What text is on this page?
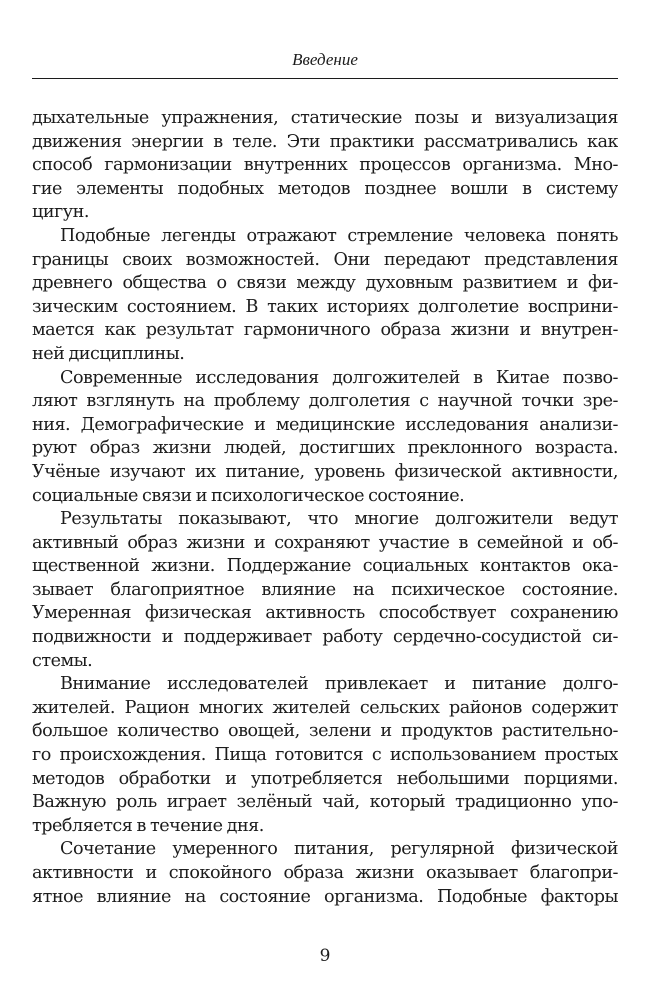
Введение
дыхательные упражнения, статические позы и визуализация
движения энергии в теле. Эти практики рассматривались как
способ гармонизации внутренних процессов организма. Мно-
гие элементы подобных методов позднее вошли в систему
цигун.
Подобные легенды отражают стремление человека понять
границы своих возможностей. Они передают представления
древнего общества о связи между духовным развитием и фи-
зическим состоянием. В таких историях долголетие восприни-
мается как результат гармоничного образа жизни и внутрен-
ней дисциплины.
Современные исследования долгожителей в Китае позво-
ляют взглянуть на проблему долголетия с научной точки зре-
ния. Демографические и медицинские исследования анализи-
руют образ жизни людей, достигших преклонного возраста.
Учёные изучают их питание, уровень физической активности,
социальные связи и психологическое состояние.
Результаты показывают, что многие долгожители ведут
активный образ жизни и сохраняют участие в семейной и об-
щественной жизни. Поддержание социальных контактов ока-
зывает благоприятное влияние на психическое состояние.
Умеренная физическая активность способствует сохранению
подвижности и поддерживает работу сердечно-сосудистой си-
стемы.
Внимание исследователей привлекает и питание долго-
жителей. Рацион многих жителей сельских районов содержит
большое количество овощей, зелени и продуктов растительно-
го происхождения. Пища готовится с использованием простых
методов обработки и употребляется небольшими порциями.
Важную роль играет зелёный чай, который традиционно упо-
требляется в течение дня.
Сочетание умеренного питания, регулярной физической
активности и спокойного образа жизни оказывает благопри-
ятное влияние на состояние организма. Подобные факторы
9
